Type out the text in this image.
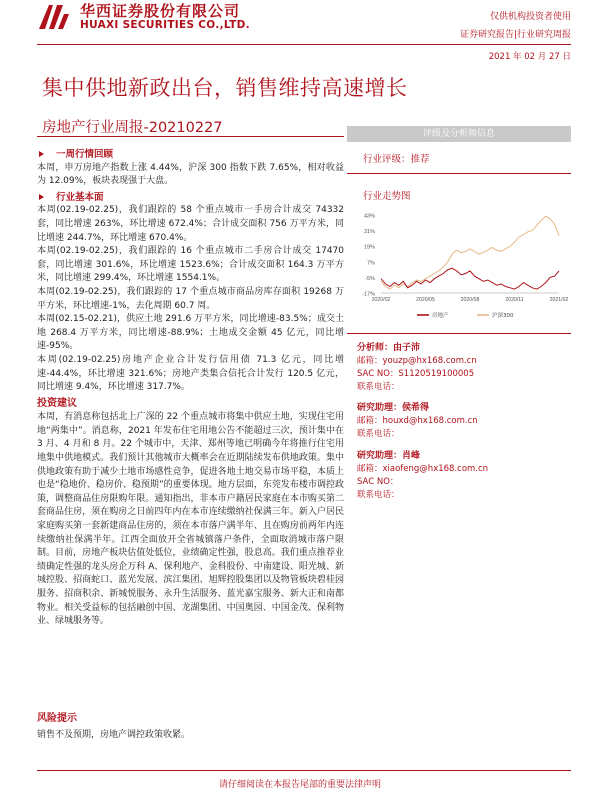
华西证券股份有限公司
HUAXI SECURITIES CO.,LTD.
仅供机构投资者使用
证券研究报告|行业研究周报
2021 年 02 月 27 日
集中供地新政出台，销售维持高速增长
房地产行业周报-20210227
一周行情回顾

本周，申万房地产指数上涨 4.44%，沪深 300 指数下跌 7.65%，相对收益为 12.09%，板块表现强于大盘。

行业基本面

本周(02.19-02.25)，我们跟踪的 58 个重点城市一手房合计成交 74332 套，同比增速 263%，环比增速 672.4%；合计成交面积 756 万平方米，同比增速 244.7%，环比增速 670.4%。

本周(02.19-02.25)，我们跟踪的 16 个重点城市二手房合计成交 17470 套，同比增速 301.6%，环比增速 1523.6%；合计成交面积 164.3 万平方米，同比增速 299.4%，环比增速 1554.1%。

本周(02.19-02.25)，我们跟踪的 17 个重点城市商品房库存面积 19268 万平方米，环比增速-1%，去化周期 60.7 周。

本周(02.15-02.21)，供应土地 291.6 万平方米，同比增速-83.5%；成交土地 268.4 万平方米，同比增速-88.9%；土地成交金额 45 亿元，同比增速-95%。

本周(02.19-02.25)房地产企业合计发行信用债 71.3 亿元，同比增速-44.4%，环比增速 321.6%；房地产类集合信托合计发行 120.5 亿元，同比增速 9.4%，环比增速 317.7%。

投资建议

本周，有消息称包括北上广深的 22 个重点城市将集中供应土地，实现住宅用地“两集中”。消息称，2021 年发布住宅用地公告不能超过三次，预计集中在 3 月、4 月和 8 月。22 个城市中，天津、郑州等地已明确今年将推行住宅用地集中供地模式。我们预计其他城市大概率会在近期陆续发布供地政策。集中供地政策有助于减少土地市场感性竞争，促进各地土地交易市场平稳，本质上也是“稳地价、稳房价、稳预期”的重要体现。地方层面，东莞发布楼市调控政策，调整商品住房限购年限。通知指出，非本市户籍居民家庭在本市购买第二套商品住房，须在购房之日前四年内在本市连续缴纳社保满三年。新入户居民家庭购买第一套新建商品住房的，须在本市落户满半年、且在购房前两年内连续缴纳社保满半年。江西全面放开全省城镇落户条件，全面取消城市落户限制。目前，房地产板块估值处低位，业绩确定性强，股息高。我们重点推荐业绩确定性强的龙头房企万科 A、保利地产、金科股份、中南建设、阳光城、新城控股、招商蛇口、蓝光发展、滨江集团、旭辉控股集团以及物管板块碧桂园服务、招商积余、新城悦服务、永升生活服务、蓝光嘉宝服务、新大正和南都物业。相关受益标的包括融创中国、龙湖集团、中国奥园、中国金茂、保利物业、绿城服务等。

风险提示
销售不及预期，房地产调控政策收紧。
评级及分析师信息
行业评级：推荐
行业走势图
43%
31%
19%
7%
-5%
-17%
2020/02	2020/05	2020/08	2020/11	2021/02
房地产	沪深300
分析师：由子沛
邮箱：youzp@hx168.com.cn
SAC NO：S1120519100005
联系电话：
研究助理：侯希得
邮箱：houxd@hx168.com.cn
联系电话：
研究助理：肖峰
邮箱：xiaofeng@hx168.com.cn
SAC NO：
联系电话：
请仔细阅读在本报告尾部的重要法律声明
